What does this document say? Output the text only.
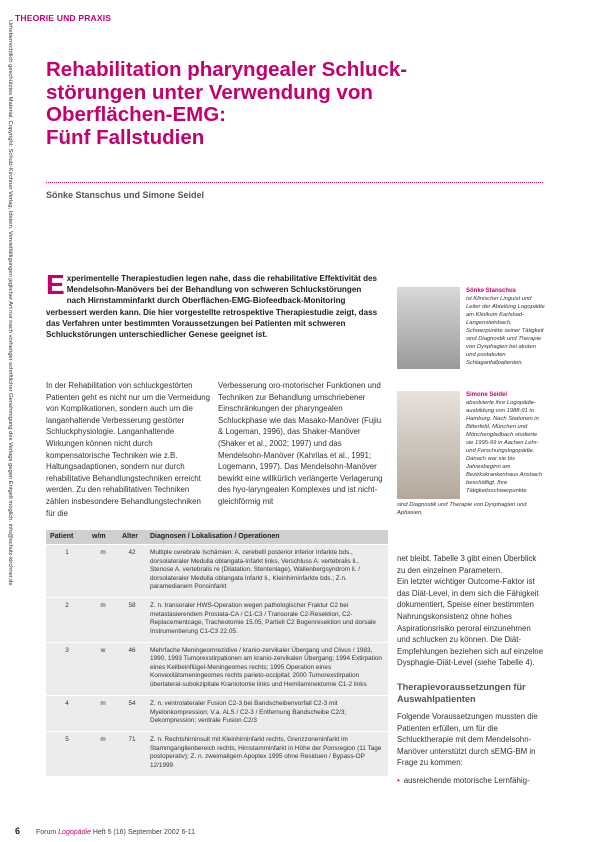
THEORIE UND PRAXIS
Urheberrechtlich geschütztes Material. Copyright: Schulz-Kirchner Verlag, Idstein. Vervielfältigungen jeglicher Art nur nach vorheriger schriftlicher Genehmigung des Verlags gegen Entgelt möglich. info@schulz-kirchner.de Rehabilitation pharyngealer Schluck-
störungen unter Verwendung von
Oberflächen-EMG:
Fünf Fallstudien
Sönke Stanschus und Simone Seidel
Experimentelle Therapiestudien legen nahe, dass die rehabilitative Effektivität des Mendelsohn-Manövers bei der Behandlung von schweren Schluckstörungen nach Hirnstamminfarkt durch Oberflächen-EMG-Biofeedback-Monitoring verbessert werden kann. Die hier vorgestellte retrospektive Therapiestudie zeigt, dass das Verfahren unter bestimmten Voraussetzungen bei Patienten mit schweren Schluckstörungen unterschiedlicher Genese geeignet ist.
In der Rehabilitation von schluckgestörten Patienten geht es nicht nur um die Vermeidung von Komplikationen, sondern auch um die langanhaltende Verbesserung gestörter Schluckphysiologie. Langanhaltende Wirkungen können nicht durch kompensatorische Techniken wie z.B. Haltungsadaptionen, sondern nur durch rehabilitative Behandlungstechniken erreicht werden. Zu den rehabilitativen Techniken zählen insbesondere Behandlungstechniken für die
Verbesserung oro-motorischer Funktionen und Techniken zur Behandlung umschriebener Einschränkungen der pharyngealen Schluckphase wie das Masako-Manöver (Fujiu & Logeman, 1996), das Shaker-Manöver (Shaker et al., 2002; 1997) und das Mendelsohn-Manöver (Kahrilas et al., 1991; Logemann, 1997). Das Mendelsohn-Manöver bewirkt eine willkürlich verlängerte Verlagerung des hyo-laryngealen Komplexes und ist nicht-gleichförmig mit
Sönke Stanschus
ist Klinischer Linguist und Leiter der Abteilung Logopädie am Klinikum Karlsbad-Langensteinbach. Schwerpunkte seiner Tätigkeit sind Diagnostik und Therapie von Dysphagien bei akuten und postakuten Schlaganfallpatienten.
Simone Seidel
absolvierte ihre Logopädie-ausbildung von 1988-91 in Hamburg. Nach Stationen in Bitterfeld, München und Mönchengladbach studierte sie 1995-99 in Aachen Lehr- und Forschungslogopädie. Danach war sie bis Jahresbeginn am Bezirkskrankenhaus Ansbach beschäftigt. Ihre Tätigkeitsschwerpunkte
sind Diagnostik und Therapie von Dysphagien und Aphasien.
Patient	w/m	Alter	Diagnosen / Lokalisation / Operationen
1	m	42	Multiple cerebrale Ischämien: A. cerebelli posterior inferior Infarkte bds., dorsolateraler Medulla oblangata-Infarkt links, Verschluss A. vertebralis li., Stenose A. vertebralis re (Dilatation, Stentenlage), Wallenbergsyndrom li. / dorsolateraler Medulla oblangata Infarkt li., Kleinhirninfarkte bds.; Z.n. paramedianem Ponsinfarkt
2	m	58	Z. n. transoraler HWS-Operation wegen pathologischer Fraktur C2 bei metastasierendem Prostata-CA / C1-C3 / Transorale C2-Resektion, C2-Replacementcage, Tracheotomie 15.05; Partiell C2 Bogenresektion und dorsale Instrumentierung C1-C3 22.05.
3	w	46	Mehrfache Meningeomrezidive / kranio-zervikaler Übergang und Clivus / 1983, 1990, 1993 Tumorexstirpationen am kranio-zervikalen Übergang; 1994 Extirpation eines Keilbeinflügel-Meningeomes rechts; 1995 Operation eines Konvexitätsmeningeomes rechts parieto-occipital; 2000 Tumorexstirpation überlateral-subokzipitale Kraniotomie links und Hemilaminektomie C1-2 links
4	m	54	Z. n. ventrolateraler Fusion C2-3 bei Bandscheibenvorfall C2-3 mit Myelonkompression; V.a. ALS / C2-3 / Entfernung Bandscheibe C2/3; Dekompression; ventrale Fusion C2/3
5	m	71	Z. n. Rechtshirninsult mit Kleinhirninfarkt rechts, Grenzzoneninfarkt im Stammganglienbereich rechts, Hirnstamminfarkt in Höhe der Ponsregion (11 Tage postoperativ); Z. n. zweimaligem Apoplex 1995 ohne Residuen / Bypass-OP 12/1999

net bleibt. Tabelle 3 gibt einen Überblick zu den einzelnen Parametern.

Ein letzter wichtiger Outcome-Faktor ist das Diät-Level, in dem sich die Fähigkeit dokumentiert, Speise einer bestimmten Nahrungskonsistenz ohne hohes Aspirationsrisiko peroral einzunehmen und schlucken zu können. Die Diät-Empfehlungen beziehen sich auf einzelne Dysphagie-Diät-Level (siehe Tabelle 4).

Therapievoraussetzungen für Auswahlpatienten

Folgende Voraussetzungen mussten die Patienten erfüllen, um für die Schlucktherapie mit dem Mendelsohn-Manöver unterstützt durch sEMG-BM in Frage zu kommen:

• ausreichende motorische Lernfähig-

6 Forum Logopädie Heft 5 (16) September 2002 6-11
